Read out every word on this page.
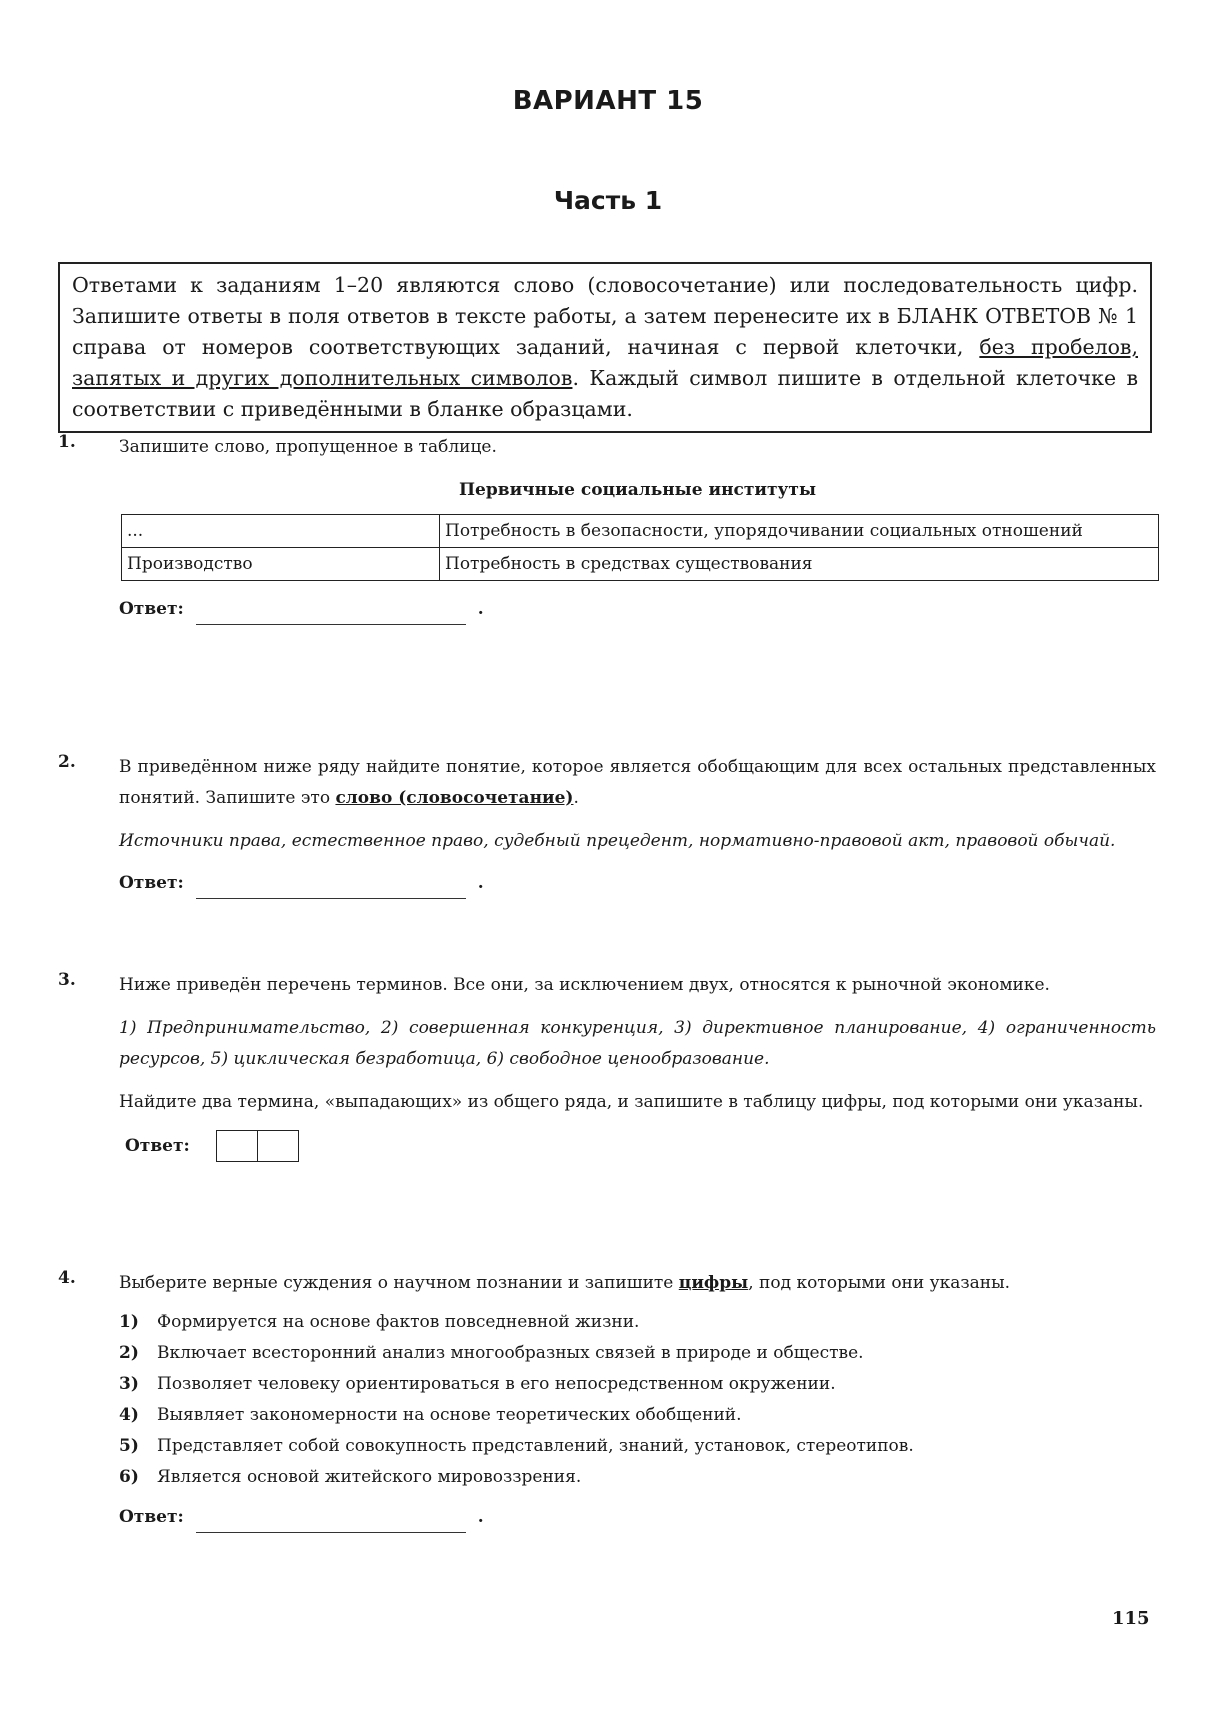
ВАРИАНТ 15
Часть 1
Ответами к заданиям 1–20 являются слово (словосочетание) или последовательность цифр. Запишите ответы в поля ответов в тексте работы, а затем перенесите их в БЛАНК ОТВЕТОВ № 1 справа от номеров соответствующих заданий, начиная с первой клеточки, без пробелов, запятых и других дополнительных символов. Каждый символ пишите в отдельной клеточке в соответствии с приведёнными в бланке образцами.
1.	Запишите слово, пропущенное в таблице.

Первичные социальные институты
...	Потребность в безопасности, упорядочивании социальных отношений
Производство	Потребность в средствах существования
Ответ:	.
2.	В приведённом ниже ряду найдите понятие, которое является обобщающим для всех остальных представленных понятий. Запишите это слово (словосочетание).

Источники права, естественное право, судебный прецедент, нормативно-правовой акт, правовой обычай.

Ответ:	.
3.	Ниже приведён перечень терминов. Все они, за исключением двух, относятся к рыночной экономике.

1) Предпринимательство, 2) совершенная конкуренция, 3) директивное планирование, 4) ограниченность ресурсов, 5) циклическая безработица, 6) свободное ценообразование.

Найдите два термина, «выпадающих» из общего ряда, и запишите в таблицу цифры, под которыми они указаны.

Ответ:
4.	Выберите верные суждения о научном познании и запишите цифры, под которыми они указаны.

1)	Формируется на основе фактов повседневной жизни.
2)	Включает всесторонний анализ многообразных связей в природе и обществе.
3)	Позволяет человеку ориентироваться в его непосредственном окружении.
4)	Выявляет закономерности на основе теоретических обобщений.
5)	Представляет собой совокупность представлений, знаний, установок, стереотипов.
6)	Является основой житейского мировоззрения.
Ответ:	.
115
